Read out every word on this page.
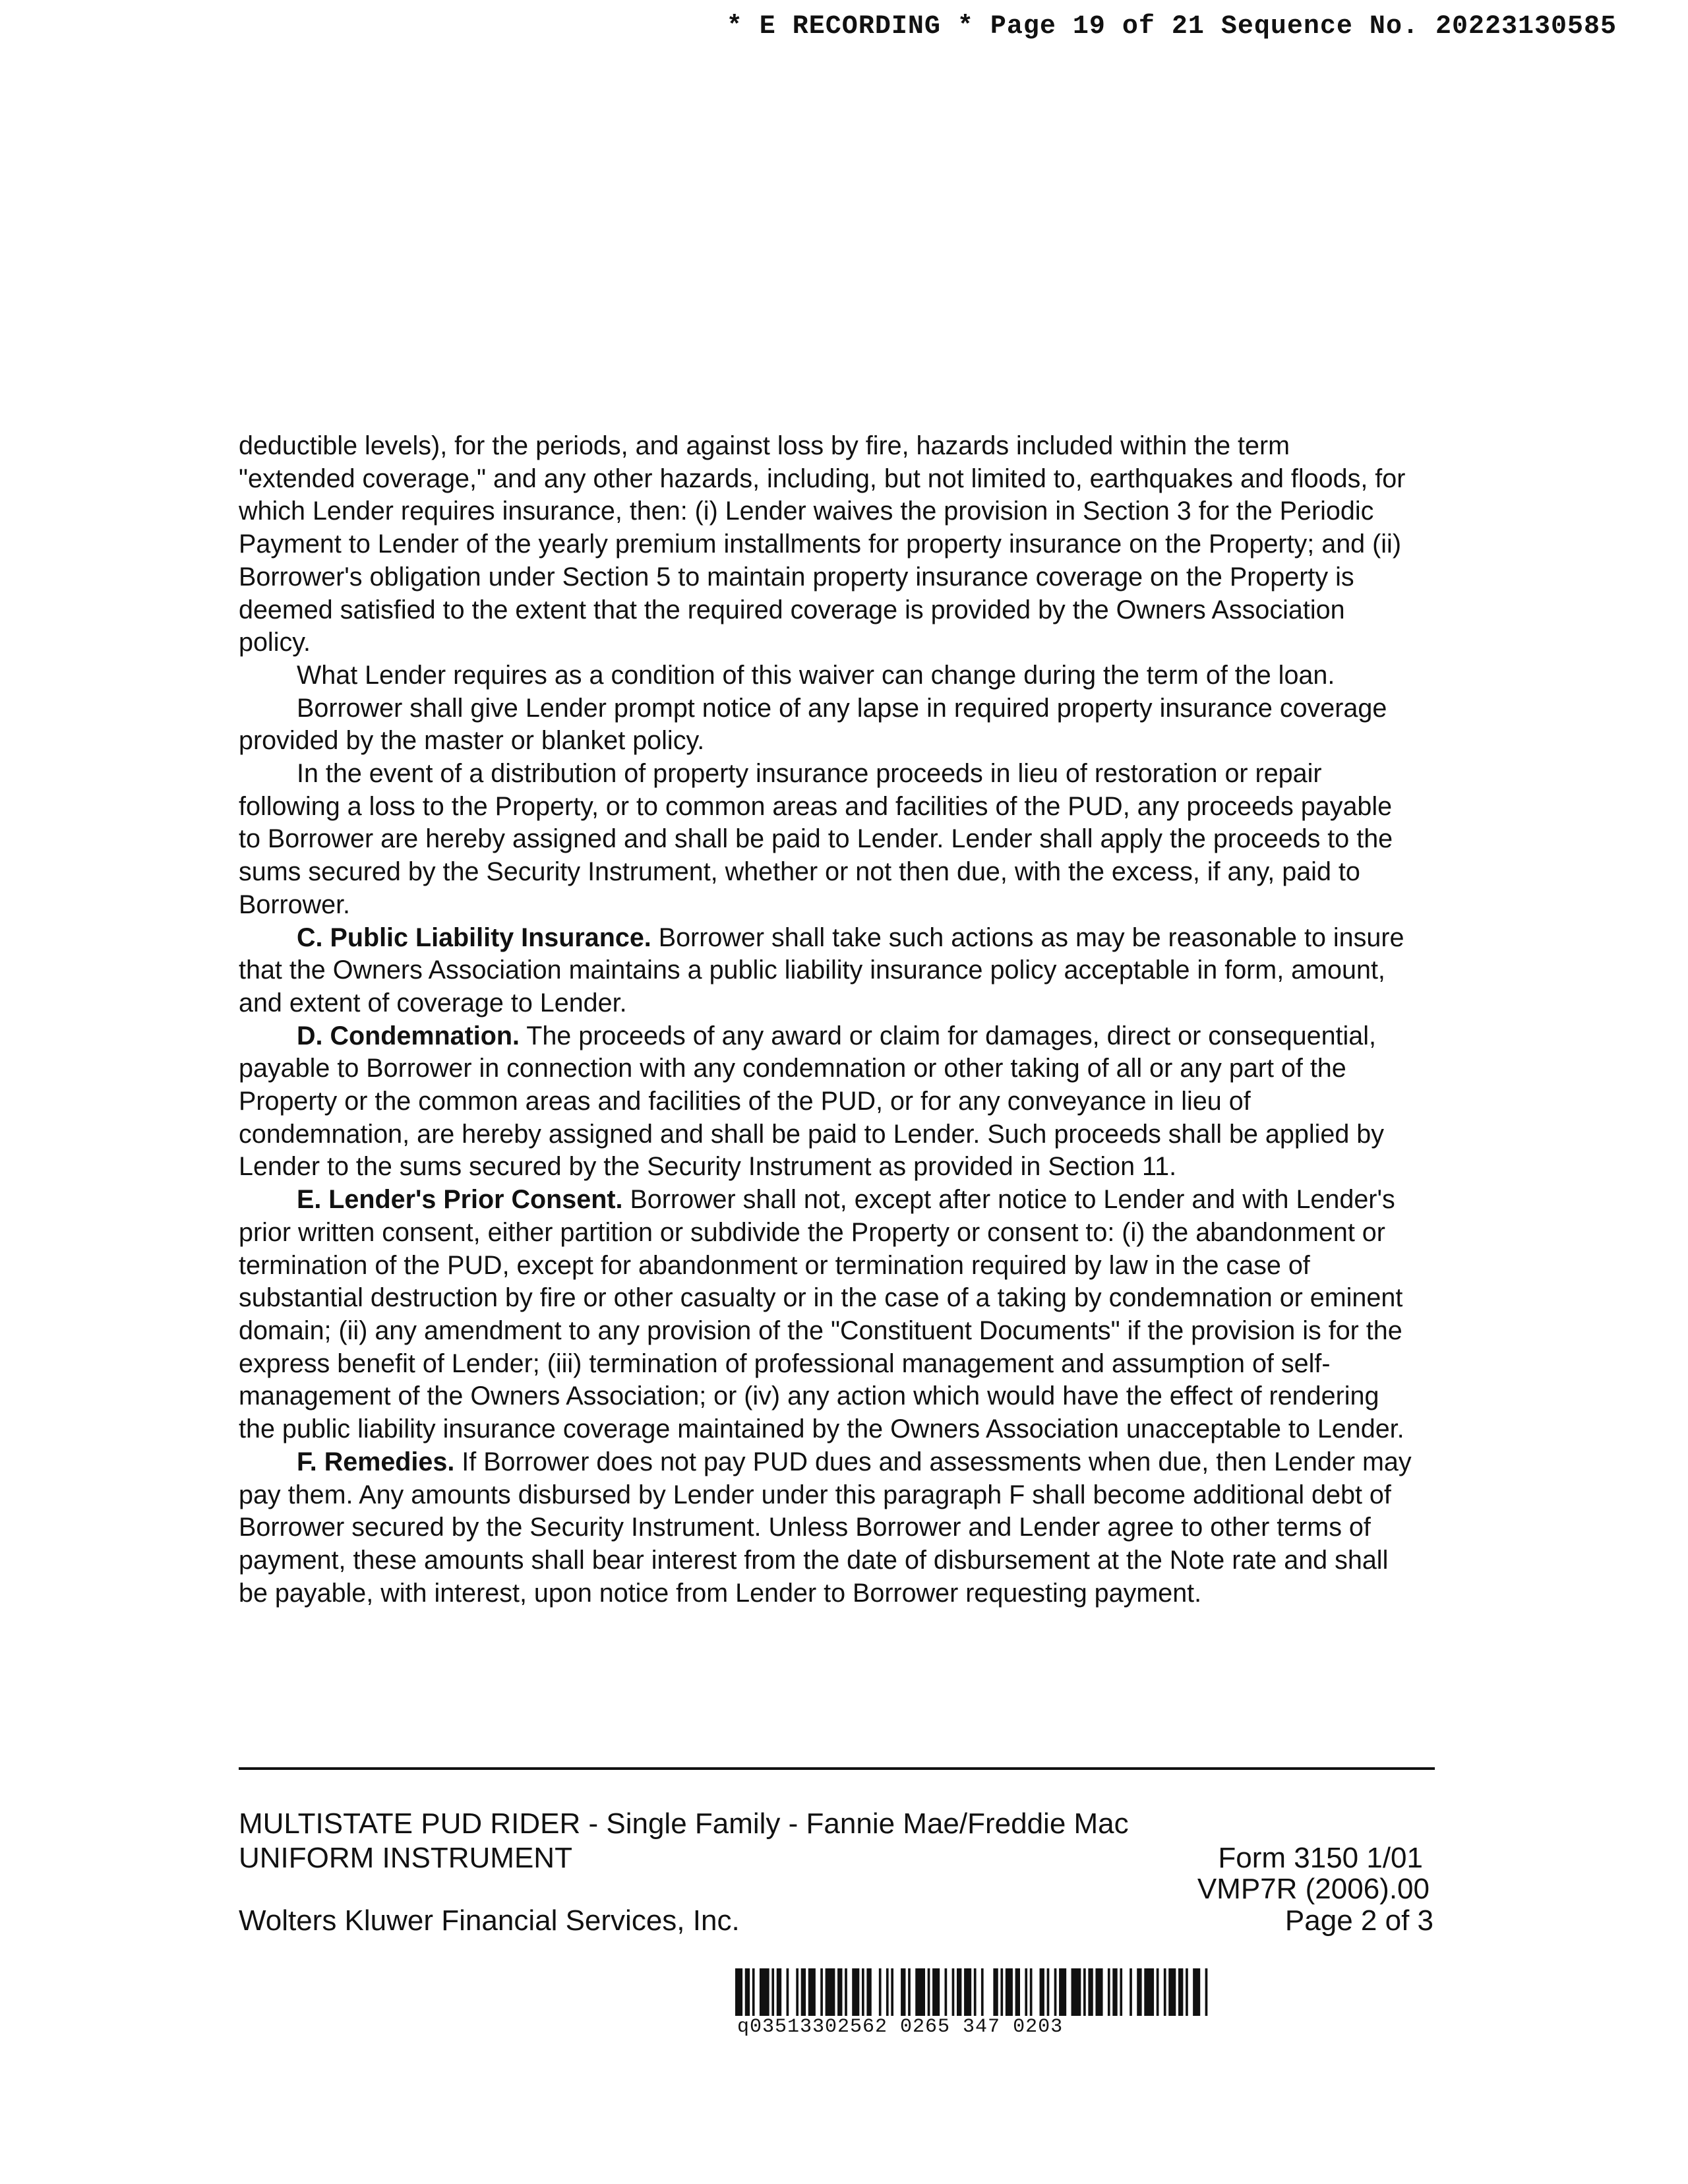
* E RECORDING * Page 19 of 21 Sequence No. 20223130585

deductible levels), for the periods, and against loss by fire, hazards included within the term "extended coverage," and any other hazards, including, but not limited to, earthquakes and floods, for which Lender requires insurance, then: (i) Lender waives the provision in Section 3 for the Periodic Payment to Lender of the yearly premium installments for property insurance on the Property; and (ii) Borrower's obligation under Section 5 to maintain property insurance coverage on the Property is deemed satisfied to the extent that the required coverage is provided by the Owners Association policy.

What Lender requires as a condition of this waiver can change during the term of the loan.

Borrower shall give Lender prompt notice of any lapse in required property insurance coverage provided by the master or blanket policy.

In the event of a distribution of property insurance proceeds in lieu of restoration or repair following a loss to the Property, or to common areas and facilities of the PUD, any proceeds payable to Borrower are hereby assigned and shall be paid to Lender. Lender shall apply the proceeds to the sums secured by the Security Instrument, whether or not then due, with the excess, if any, paid to Borrower.

C. Public Liability Insurance. Borrower shall take such actions as may be reasonable to insure that the Owners Association maintains a public liability insurance policy acceptable in form, amount, and extent of coverage to Lender.

D. Condemnation. The proceeds of any award or claim for damages, direct or consequential, payable to Borrower in connection with any condemnation or other taking of all or any part of the Property or the common areas and facilities of the PUD, or for any conveyance in lieu of condemnation, are hereby assigned and shall be paid to Lender. Such proceeds shall be applied by Lender to the sums secured by the Security Instrument as provided in Section 11.

E. Lender's Prior Consent. Borrower shall not, except after notice to Lender and with Lender's prior written consent, either partition or subdivide the Property or consent to: (i) the abandonment or termination of the PUD, except for abandonment or termination required by law in the case of substantial destruction by fire or other casualty or in the case of a taking by condemnation or eminent domain; (ii) any amendment to any provision of the "Constituent Documents" if the provision is for the express benefit of Lender; (iii) termination of professional management and assumption of self-management of the Owners Association; or (iv) any action which would have the effect of rendering the public liability insurance coverage maintained by the Owners Association unacceptable to Lender.

F. Remedies. If Borrower does not pay PUD dues and assessments when due, then Lender may pay them. Any amounts disbursed by Lender under this paragraph F shall become additional debt of Borrower secured by the Security Instrument. Unless Borrower and Lender agree to other terms of payment, these amounts shall bear interest from the date of disbursement at the Note rate and shall be payable, with interest, upon notice from Lender to Borrower requesting payment.

MULTISTATE PUD RIDER - Single Family - Fannie Mae/Freddie Mac
UNIFORM INSTRUMENT	Form 3150 1/01
VMP7R (2006).00
Wolters Kluwer Financial Services, Inc.	Page 2 of 3
q03513302562 0265 347 0203
